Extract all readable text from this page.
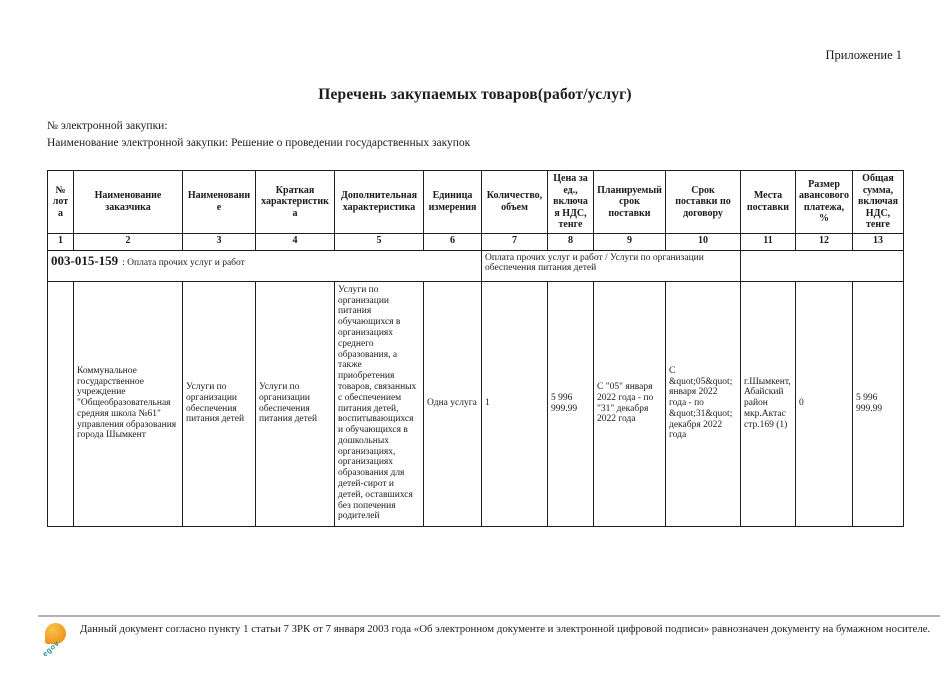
Приложение 1
Перечень закупаемых товаров(работ/услуг)
№ электронной закупки:
Наименование электронной закупки: Решение о проведении государственных закупок
№ лота	Наименование заказчика	Наименование	Краткая характеристика	Дополнительная характеристика	Единица измерения	Количество, объем	Цена за ед., включая НДС, тенге	Планируемый срок поставки	Срок поставки по договору	Места поставки	Размер авансового платежа, %	Общая сумма, включая НДС, тенге
1	2	3	4	5	6	7	8	9	10	11	12	13
003-015-159 : Оплата прочих услуг и работ						Оплата прочих услуг и работ / Услуги по организации обеспечения питания детей						
	Коммунальное государственное учреждение "Общеобразовательная средняя школа №61" управления образования города Шымкент	Услуги по организации обеспечения питания детей	Услуги по организации обеспечения питания детей	Услуги по организации питания обучающихся в организациях среднего образования, а также приобретения товаров, связанных с обеспечением питания детей, воспитывающихся и обучающихся в дошкольных организациях, организациях образования для детей-сирот и детей, оставшихся без попечения родителей	Одна услуга	1	5 996 999.99	С "05" января 2022 года - по "31" декабря 2022 года	С &quot;05&quot; января 2022 года - по &quot;31&quot; декабря 2022 года	г.Шымкент, Абайский район мкр.Актас стр.169 (1)	0	5 996 999.99
egov
Данный документ согласно пункту 1 статьи 7 ЗРК от 7 января 2003 года «Об электронном документе и электронной цифровой подписи» равнозначен документу на бумажном носителе.
